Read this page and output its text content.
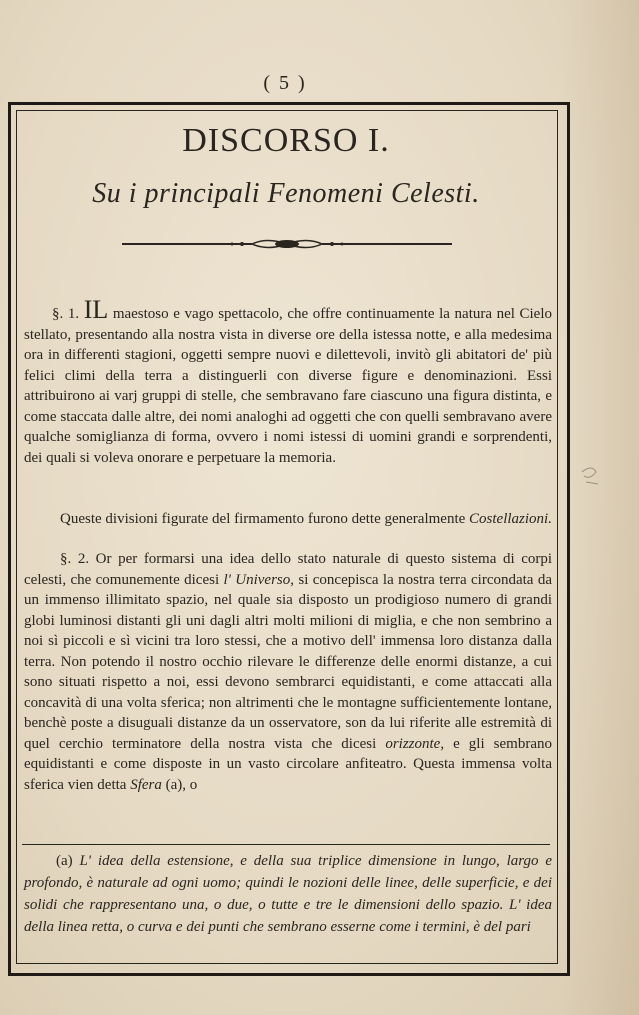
( 5 )
DISCORSO I.
Su i principali Fenomeni Celesti.
§. 1. IL maestoso e vago spettacolo, che offre continuamente la natura nel Cielo stellato, presentando alla nostra vista in diverse ore della istessa notte, e alla medesima ora in differenti stagioni, oggetti sempre nuovi e dilettevoli, invitò gli abitatori de' più felici climi della terra a distinguerli con diverse figure e denominazioni. Essi attribuirono ai varj gruppi di stelle, che sembravano fare ciascuno una figura distinta, e come staccata dalle altre, dei nomi analoghi ad oggetti che con quelli sembravano avere qualche somiglianza di forma, ovvero i nomi istessi di uomini grandi e sorprendenti, dei quali si voleva onorare e perpetuare la memoria.
Queste divisioni figurate del firmamento furono dette generalmente Costellazioni.
§. 2. Or per formarsi una idea dello stato naturale di questo sistema di corpi celesti, che comunemente dicesi l' Universo, si concepisca la nostra terra circondata da un immenso illimitato spazio, nel quale sia disposto un prodigioso numero di grandi globi luminosi distanti gli uni dagli altri molti milioni di miglia, e che non sembrino a noi sì piccoli e sì vicini tra loro stessi, che a motivo dell' immensa loro distanza dalla terra. Non potendo il nostro occhio rilevare le differenze delle enormi distanze, a cui sono situati rispetto a noi, essi devono sembrarci equidistanti, e come attaccati alla concavità di una volta sferica; non altrimenti che le montagne sufficientemente lontane, benchè poste a disuguali distanze da un osservatore, son da lui riferite alle estremità di quel cerchio terminatore della nostra vista che dicesi orizzonte, e gli sembrano equidistanti e come disposte in un vasto circolare anfiteatro. Questa immensa volta sferica vien detta Sfera (a), o
(a) L' idea della estensione, e della sua triplice dimensione in lungo, largo e profondo, è naturale ad ogni uomo; quindi le nozioni delle linee, delle superficie, e dei solidi che rappresentano una, o due, o tutte e tre le dimensioni dello spazio. L' idea della linea retta, o curva e dei punti che sembrano esserne come i termini, è del pari
